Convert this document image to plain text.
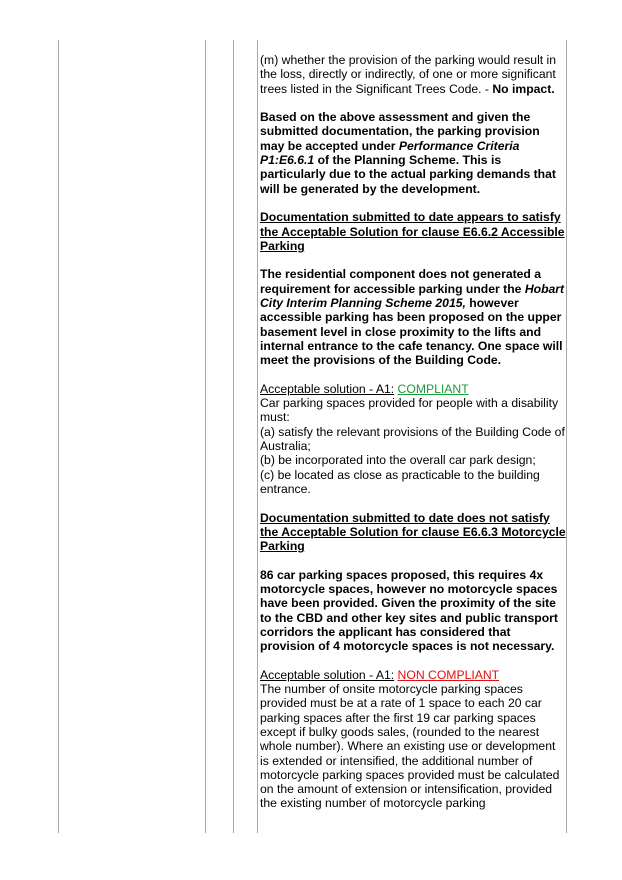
(m) whether the provision of the parking would result in the loss, directly or indirectly, of one or more significant trees listed in the Significant Trees Code. - No impact.

Based on the above assessment and given the submitted documentation, the parking provision may be accepted under Performance Criteria P1:E6.6.1 of the Planning Scheme. This is particularly due to the actual parking demands that will be generated by the development.

Documentation submitted to date appears to satisfy the Acceptable Solution for clause E6.6.2 Accessible Parking

The residential component does not generated a requirement for accessible parking under the Hobart City Interim Planning Scheme 2015, however accessible parking has been proposed on the upper basement level in close proximity to the lifts and internal entrance to the cafe tenancy. One space will meet the provisions of the Building Code.

Acceptable solution - A1: COMPLIANT
Car parking spaces provided for people with a disability must:
(a) satisfy the relevant provisions of the Building Code of Australia;
(b) be incorporated into the overall car park design;
(c) be located as close as practicable to the building entrance.

Documentation submitted to date does not satisfy the Acceptable Solution for clause E6.6.3 Motorcycle Parking

86 car parking spaces proposed, this requires 4x motorcycle spaces, however no motorcycle spaces have been provided. Given the proximity of the site to the CBD and other key sites and public transport corridors the applicant has considered that provision of 4 motorcycle spaces is not necessary.

Acceptable solution - A1: NON COMPLIANT
The number of onsite motorcycle parking spaces provided must be at a rate of 1 space to each 20 car parking spaces after the first 19 car parking spaces except if bulky goods sales, (rounded to the nearest whole number). Where an existing use or development is extended or intensified, the additional number of motorcycle parking spaces provided must be calculated on the amount of extension or intensification, provided the existing number of motorcycle parking
